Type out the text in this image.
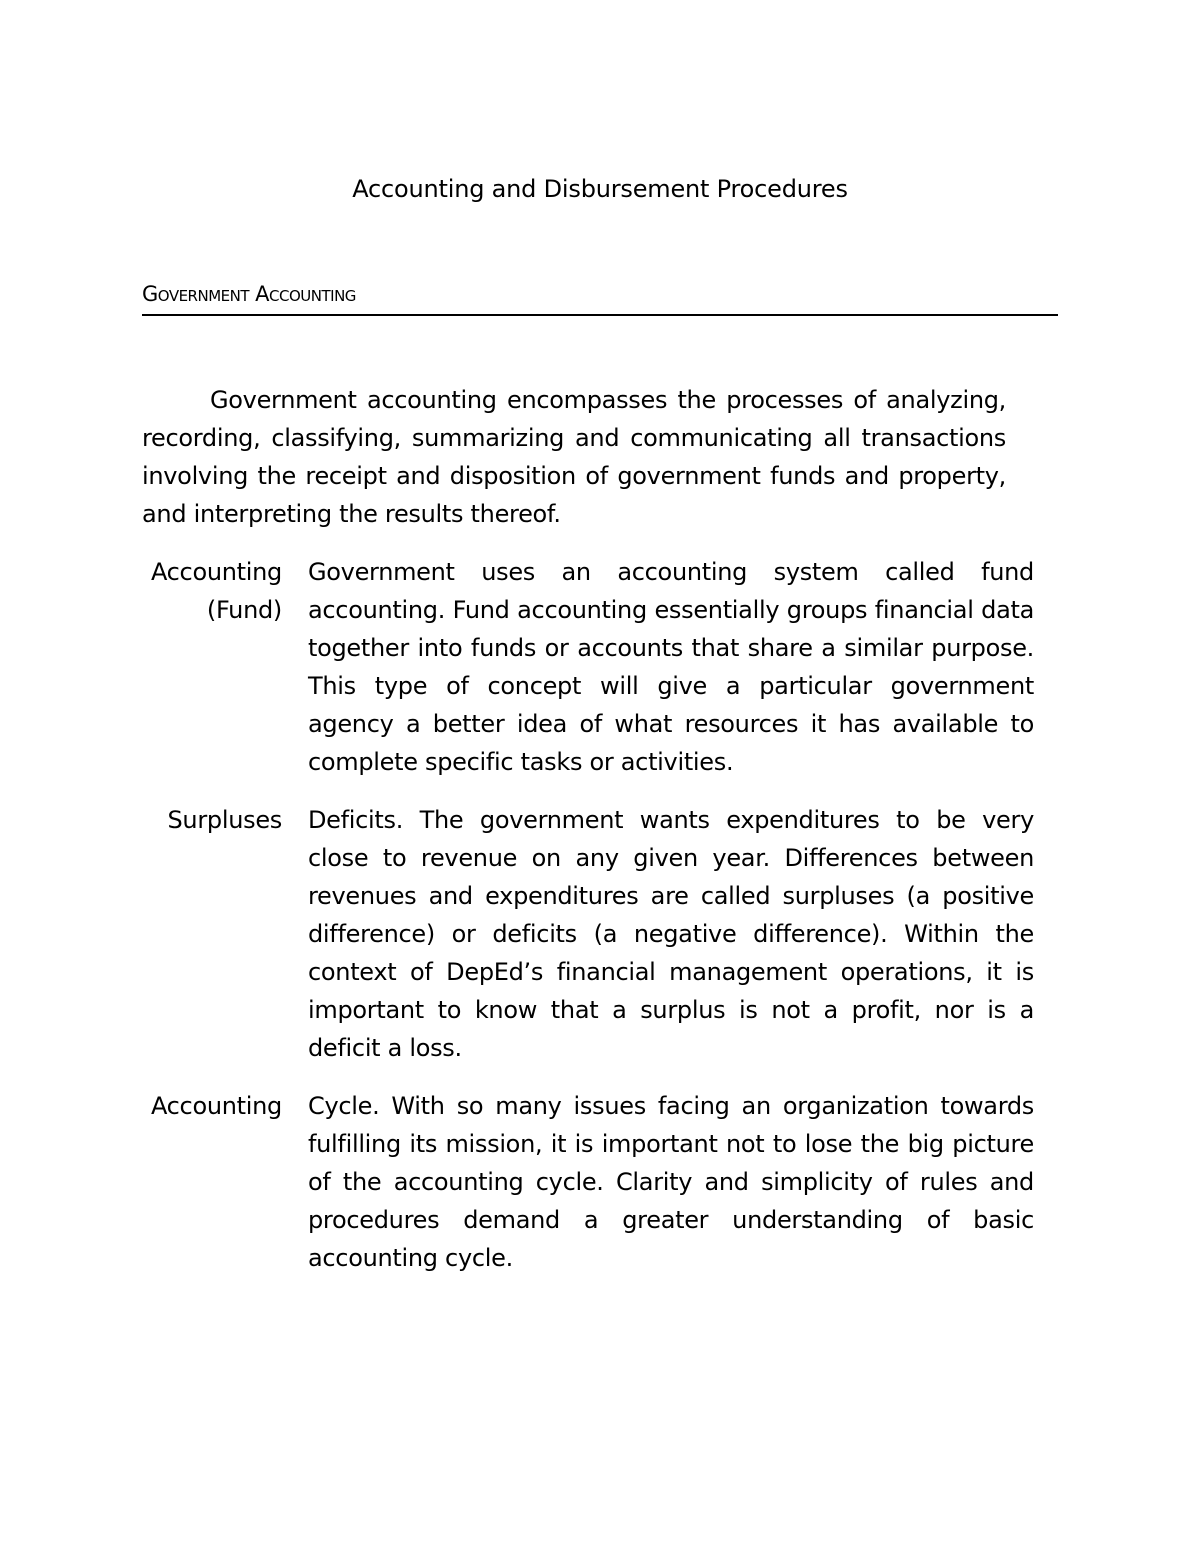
Accounting and Disbursement Procedures
Government Accounting

Government accounting encompasses the processes of analyzing, recording, classifying, summarizing and communicating all transactions involving the receipt and disposition of government funds and property, and interpreting the results thereof.

Accounting (Fund)
Government uses an accounting system called fund accounting. Fund accounting essentially groups financial data together into funds or accounts that share a similar purpose. This type of concept will give a particular government agency a better idea of what resources it has available to complete specific tasks or activities.
Surpluses Deficits. The government wants expenditures to be very close to revenue on any given year. Differences between revenues and expenditures are called surpluses (a positive difference) or deficits (a negative difference). Within the context of DepEd’s financial management operations, it is important to know that a surplus is not a profit, nor is a deficit a loss.
Accounting Cycle. With so many issues facing an organization towards fulfilling its mission, it is important not to lose the big picture of the accounting cycle. Clarity and simplicity of rules and procedures demand a greater understanding of basic accounting cycle.
